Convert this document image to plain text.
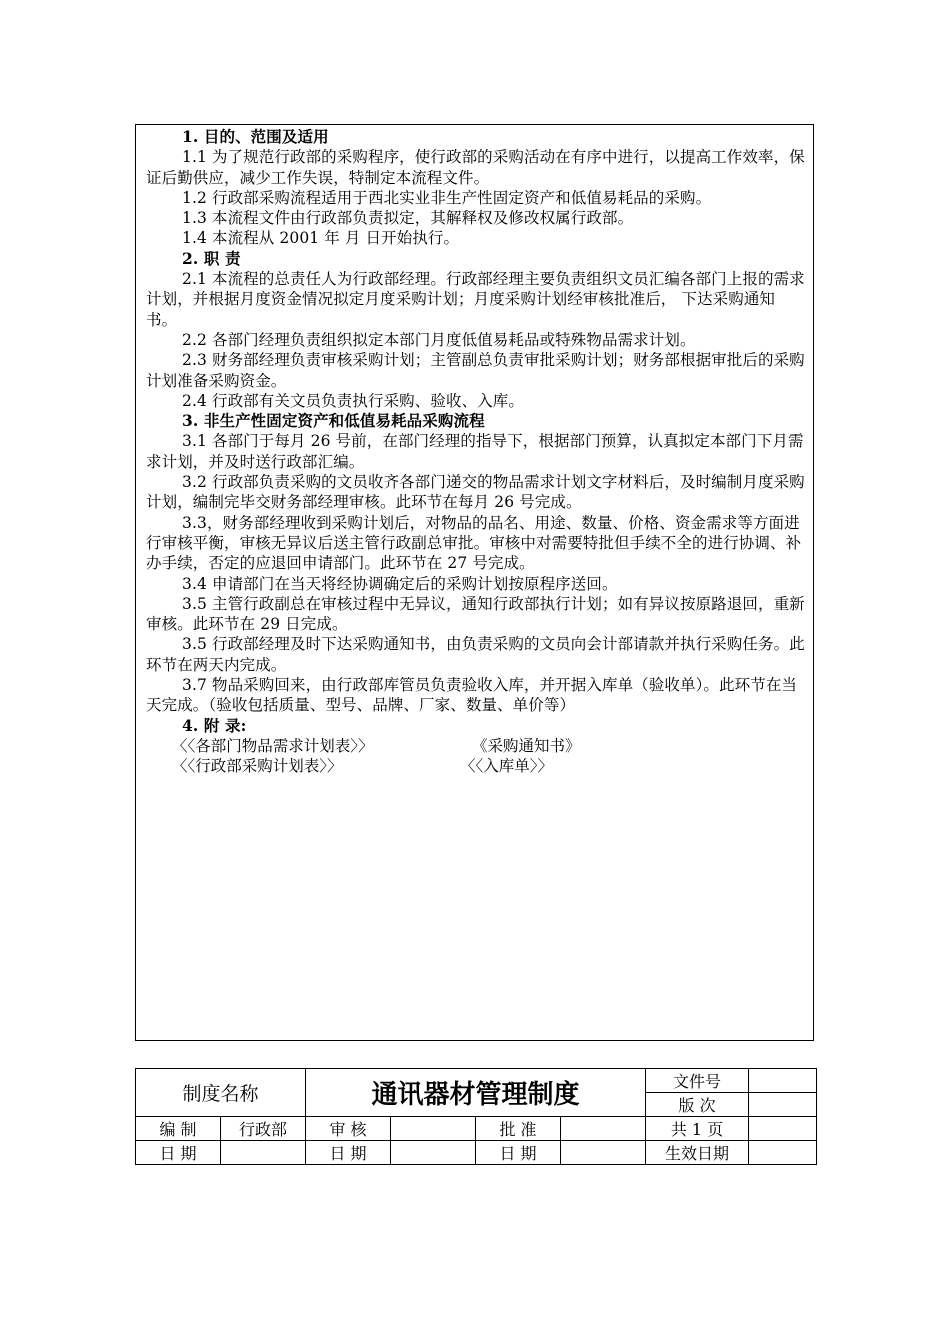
1. 目的、范围及适用
1.1 为了规范行政部的采购程序，使行政部的采购活动在有序中进行，以提高工作效率，保证后勤供应，减少工作失误，特制定本流程文件。
1.2 行政部采购流程适用于西北实业非生产性固定资产和低值易耗品的采购。
1.3 本流程文件由行政部负责拟定，其解释权及修改权属行政部。
1.4 本流程从 2001 年 月 日开始执行。
2. 职 责
2.1 本流程的总责任人为行政部经理。行政部经理主要负责组织文员汇编各部门上报的需求计划，并根据月度资金情况拟定月度采购计划；月度采购计划经审核批准后， 下达采购通知书。
2.2 各部门经理负责组织拟定本部门月度低值易耗品或特殊物品需求计划。
2.3 财务部经理负责审核采购计划；主管副总负责审批采购计划；财务部根据审批后的采购计划准备采购资金。
2.4 行政部有关文员负责执行采购、验收、入库。
3. 非生产性固定资产和低值易耗品采购流程
3.1 各部门于每月 26 号前，在部门经理的指导下，根据部门预算，认真拟定本部门下月需求计划，并及时送行政部汇编。
3.2 行政部负责采购的文员收齐各部门递交的物品需求计划文字材料后，及时编制月度采购计划，编制完毕交财务部经理审核。此环节在每月 26 号完成。
3.3，财务部经理收到采购计划后，对物品的品名、用途、数量、价格、资金需求等方面进行审核平衡，审核无异议后送主管行政副总审批。审核中对需要特批但手续不全的进行协调、补办手续，否定的应退回申请部门。此环节在 27 号完成。
3.4 申请部门在当天将经协调确定后的采购计划按原程序送回。
3.5 主管行政副总在审核过程中无异议，通知行政部执行计划；如有异议按原路退回，重新审核。此环节在 29 日完成。
3.5 行政部经理及时下达采购通知书，由负责采购的文员向会计部请款并执行采购任务。此环节在两天内完成。
3.7 物品采购回来，由行政部库管员负责验收入库，并开据入库单（验收单）。此环节在当天完成。（验收包括质量、型号、品牌、厂家、数量、单价等）
4. 附 录:
〈〈各部门物品需求计划表〉〉	《采购通知书》
〈〈行政部采购计划表〉〉	〈〈入库单〉〉
制度名称		通讯器材管理制度				文件号	
						版 次	
编 制	行政部	审 核		批 准		共 1 页	
日 期		日 期		日 期		生效日期	
